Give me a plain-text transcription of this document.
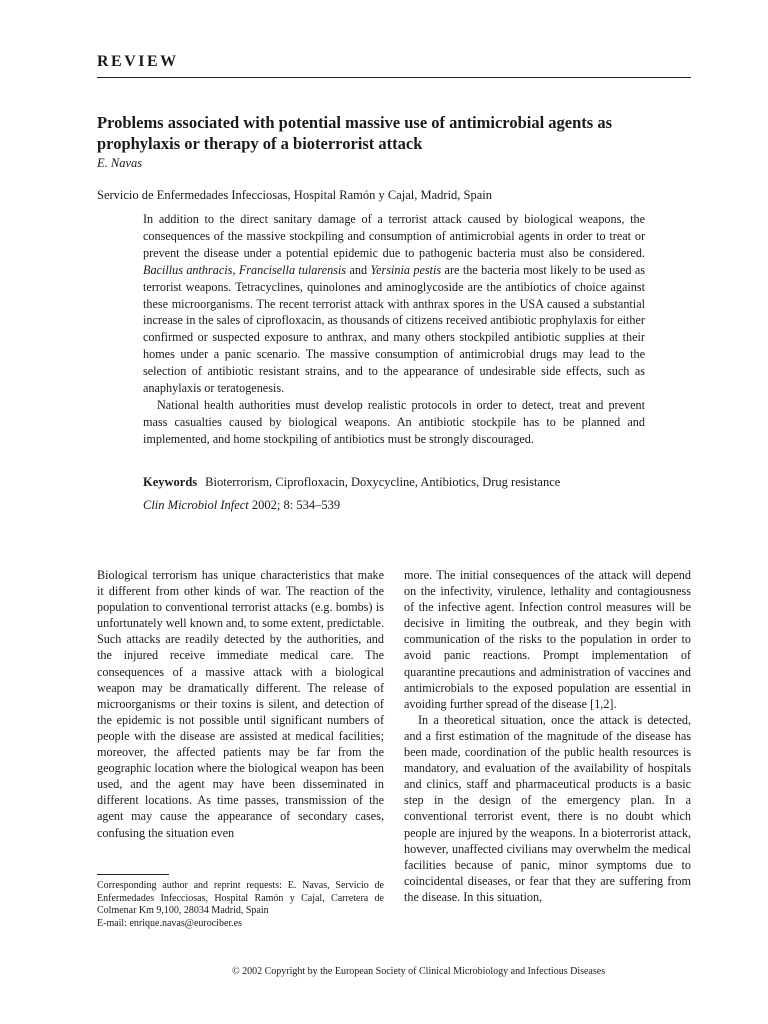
REVIEW
Problems associated with potential massive use of antimicrobial agents as prophylaxis or therapy of a bioterrorist attack
E. Navas
Servicio de Enfermedades Infecciosas, Hospital Ramón y Cajal, Madrid, Spain

In addition to the direct sanitary damage of a terrorist attack caused by biological weapons, the consequences of the massive stockpiling and consumption of antimicrobial agents in order to treat or prevent the disease under a potential epidemic due to pathogenic bacteria must also be considered. Bacillus anthracis, Francisella tularensis and Yersinia pestis are the bacteria most likely to be used as terrorist weapons. Tetracyclines, quinolones and aminoglycoside are the antibiotics of choice against these microorganisms. The recent terrorist attack with anthrax spores in the USA caused a substantial increase in the sales of ciprofloxacin, as thousands of citizens received antibiotic prophylaxis for either confirmed or suspected exposure to anthrax, and many others stockpiled antibiotic supplies at their homes under a panic scenario. The massive consumption of antimicrobial drugs may lead to the selection of antibiotic resistant strains, and to the appearance of undesirable side effects, such as anaphylaxis or teratogenesis.

National health authorities must develop realistic protocols in order to detect, treat and prevent mass casualties caused by biological weapons. An antibiotic stockpile has to be planned and implemented, and home stockpiling of antibiotics must be strongly discouraged.

Keywords Bioterrorism, Ciprofloxacin, Doxycycline, Antibiotics, Drug resistance
Clin Microbiol Infect 2002; 8: 534–539

Biological terrorism has unique characteristics that make it different from other kinds of war. The reaction of the population to conventional terrorist attacks (e.g. bombs) is unfortunately well known and, to some extent, predictable. Such attacks are readily detected by the authorities, and the injured receive immediate medical care. The consequences of a massive attack with a biological weapon may be dramatically different. The release of microorganisms or their toxins is silent, and detection of the epidemic is not possible until significant numbers of people with the disease are assisted at medical facilities; moreover, the affected patients may be far from the geographic location where the biological weapon has been used, and the agent may have been disseminated in different locations. As time passes, transmission of the agent may cause the appearance of secondary cases, confusing the situation even

more. The initial consequences of the attack will depend on the infectivity, virulence, lethality and contagiousness of the infective agent. Infection control measures will be decisive in limiting the outbreak, and they begin with communication of the risks to the population in order to avoid panic reactions. Prompt implementation of quarantine precautions and administration of vaccines and antimicrobials to the exposed population are essential in avoiding further spread of the disease [1,2].

In a theoretical situation, once the attack is detected, and a first estimation of the magnitude of the disease has been made, coordination of the public health resources is mandatory, and evaluation of the availability of hospitals and clinics, staff and pharmaceutical products is a basic step in the design of the emergency plan. In a conventional terrorist event, there is no doubt which people are injured by the weapons. In a bioterrorist attack, however, unaffected civilians may overwhelm the medical facilities because of panic, minor symptoms due to coincidental diseases, or fear that they are suffering from the disease. In this situation,

Corresponding author and reprint requests: E. Navas, Servicio de Enfermedades Infecciosas, Hospital Ramón y Cajal, Carretera de Colmenar Km 9,100, 28034 Madrid, Spain

E-mail: enrique.navas@eurociber.es

© 2002 Copyright by the European Society of Clinical Microbiology and Infectious Diseases
